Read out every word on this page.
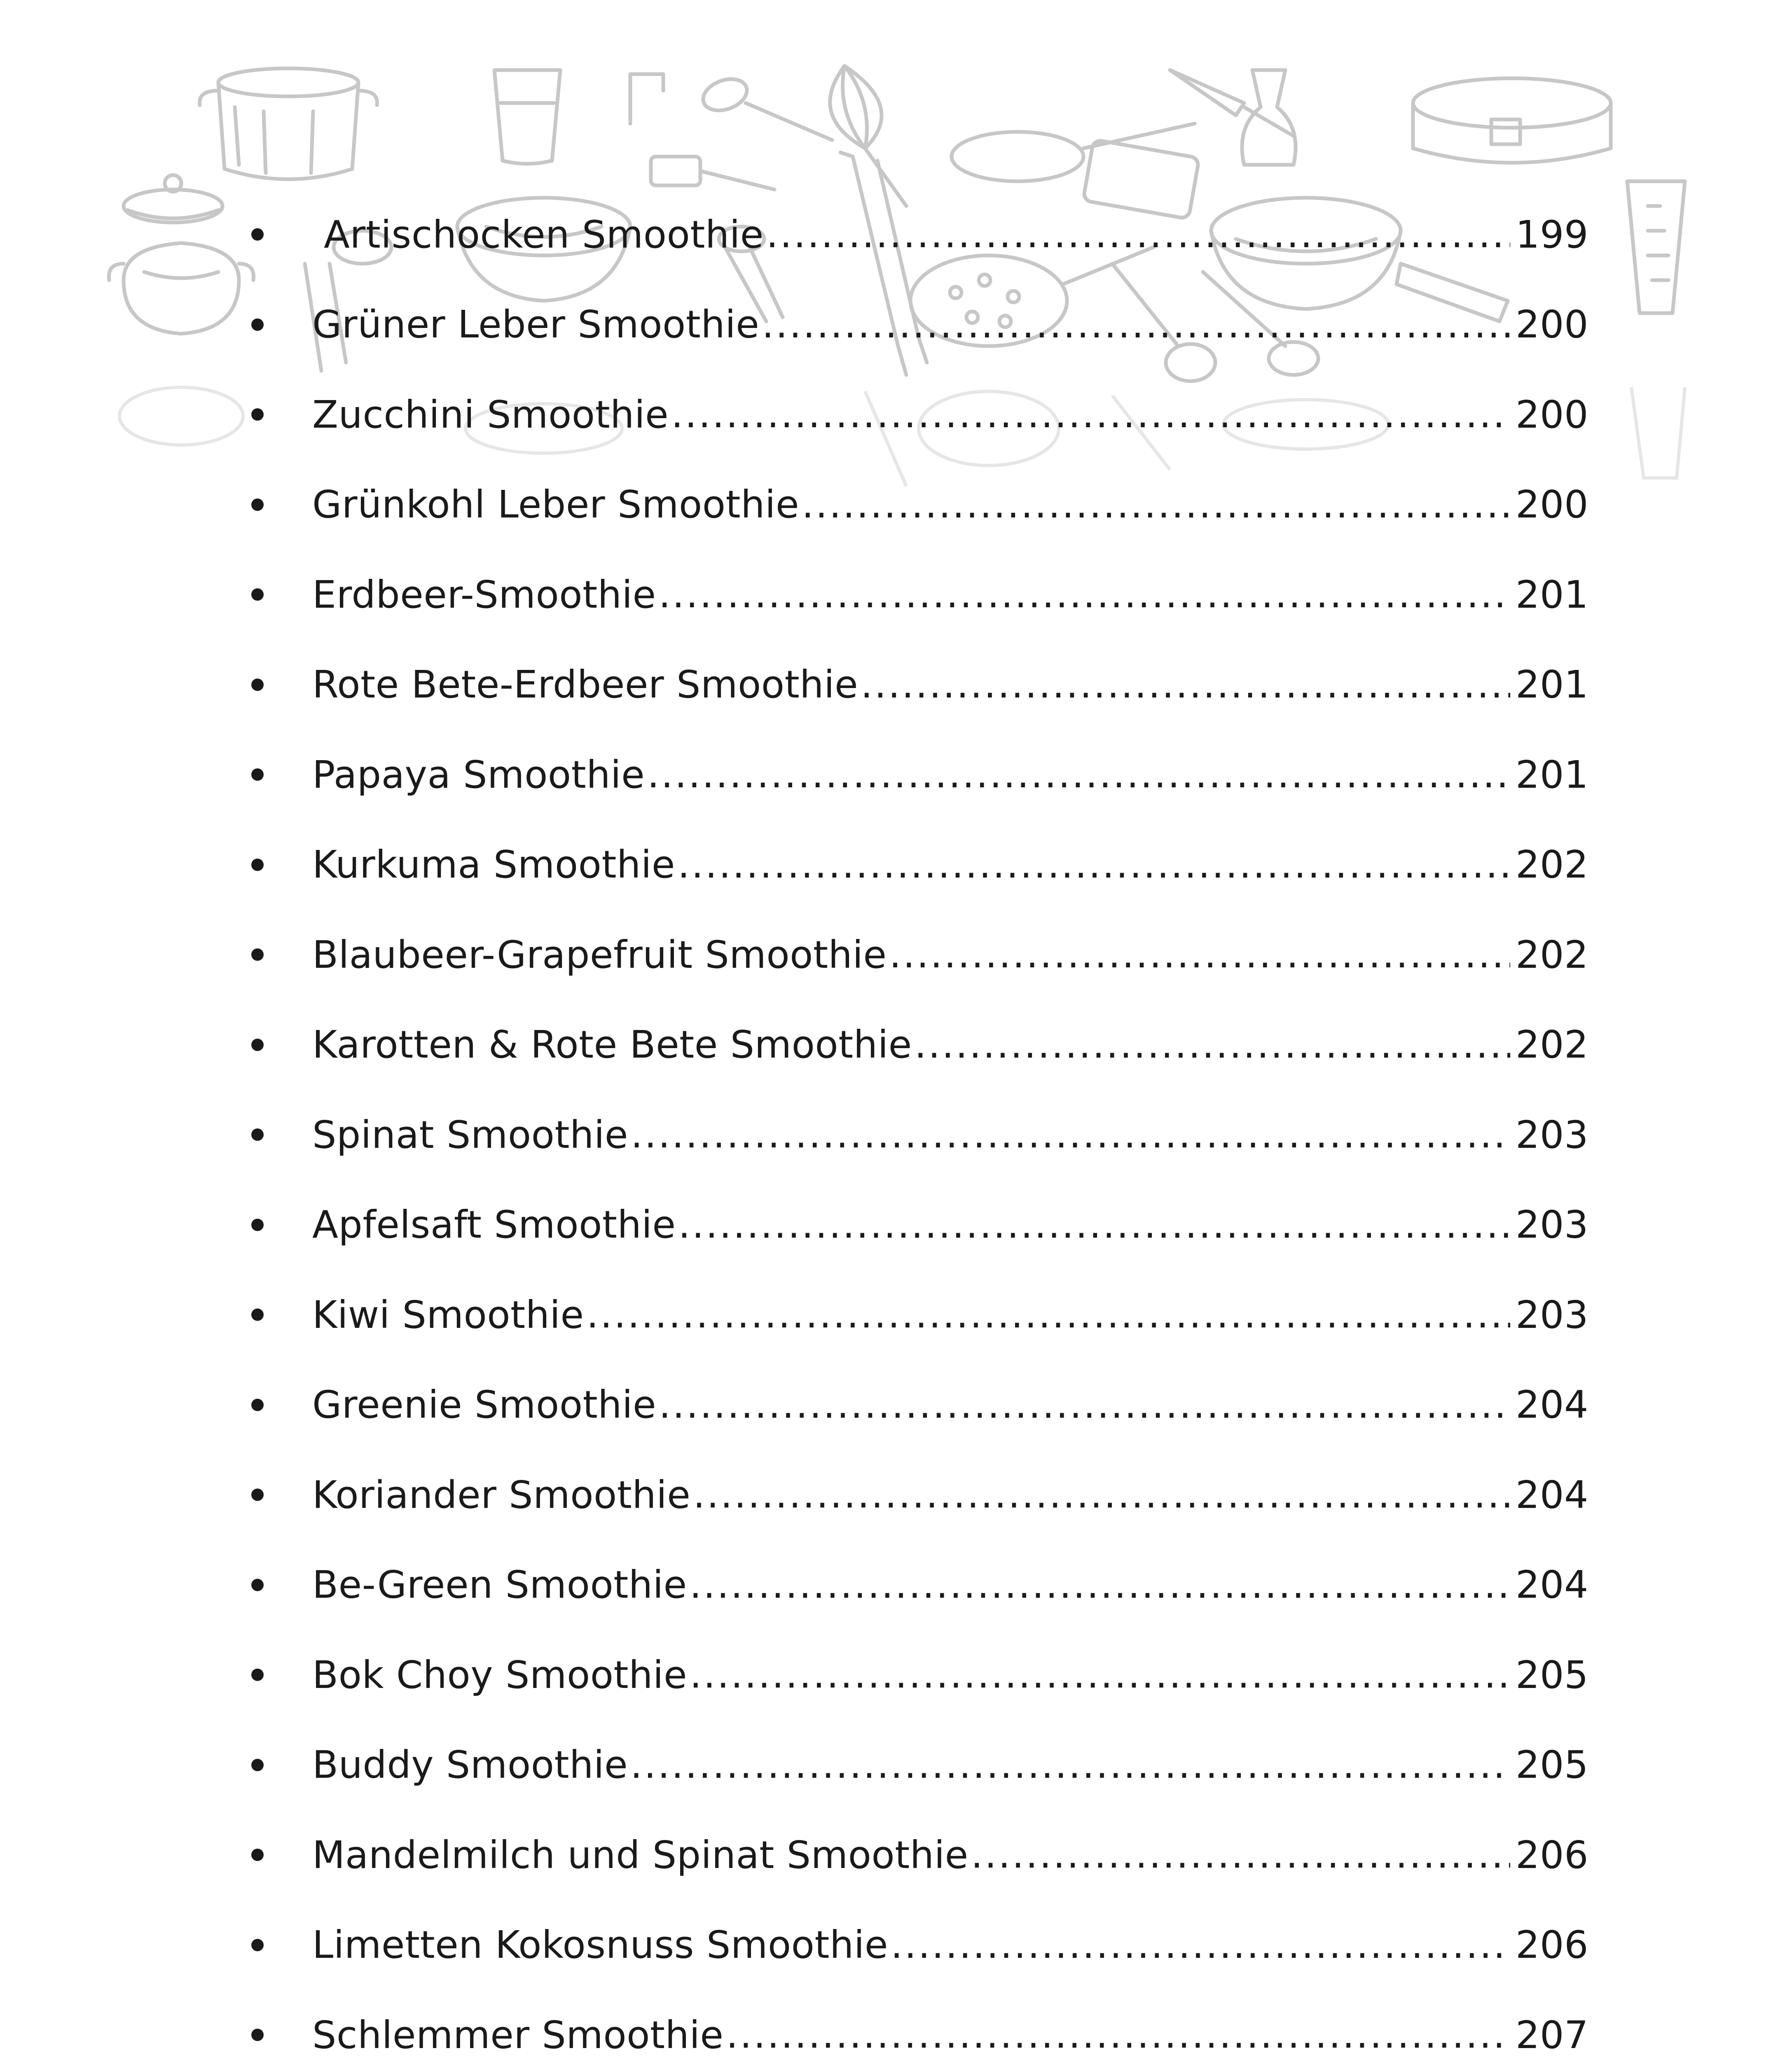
Artischocken Smoothie .....	199
Grüner Leber Smoothie .....	200
Zucchini Smoothie .....	200
Grünkohl Leber Smoothie .....	200
Erdbeer-Smoothie .....	201
Rote Bete-Erdbeer Smoothie .....	201
Papaya Smoothie .....	201
Kurkuma Smoothie .....	202
Blaubeer-Grapefruit Smoothie .....	202
Karotten & Rote Bete Smoothie .....	202
Spinat Smoothie .....	203
Apfelsaft Smoothie .....	203
Kiwi Smoothie .....	203
Greenie Smoothie .....	204
Koriander Smoothie .....	204
Be-Green Smoothie .....	204
Bok Choy Smoothie .....	205
Buddy Smoothie .....	205
Mandelmilch und Spinat Smoothie .....	206
Limetten Kokosnuss Smoothie .....	206
Schlemmer Smoothie .....	207
